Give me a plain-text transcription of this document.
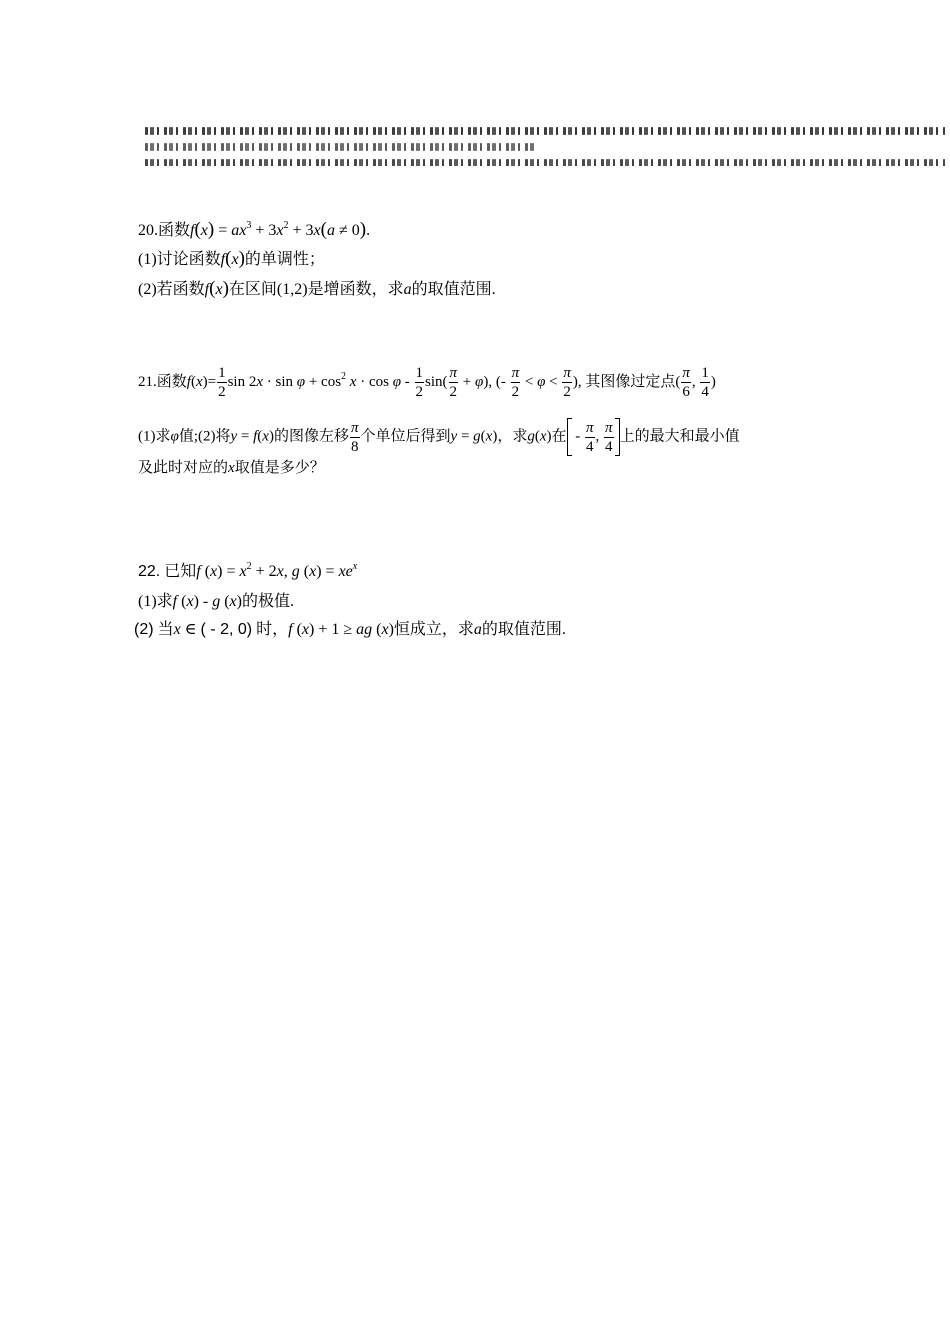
20.函数$f(x) = ax^3 + 3x^2 + 3x(a \ne 0)$.
(1)讨论函数f(x)的单调性；
(2)若函数f(x)在区间(1,2)是增函数，求a的取值范围.
21.函数$f(x)= \frac{1}{2}$ $\sin 2x \cdot \sin \varphi + \cos^2 x \cdot \cos \varphi - \frac{1}{2} \sin( \frac{\pi}{2} + \varphi)$, (- $\frac{\pi}{2} < \varphi < \frac{\pi}{2}$ ), 其图像过定点( $\frac{\pi}{6}$ , $\frac{1}{4}$ )
(1)求φ值;(2)将y = f(x)的图像左移 $\frac{\pi}{8}$ 个单位后得到y = g(x)，求g(x)在 - $\frac{\pi}{4}$ , $\frac{\pi}{4}$ 上的最大和最小值
及此时对应的x取值是多少？
22. 已知f $(x) = x^2 + 2x$, g $(x) = xe^x$
(1)求f (x) - g (x)的极值.
(2) 当x ∈ ( - 2, 0) 时，f (x) + 1 ≥ ag (x)恒成立，求a的取值范围.
